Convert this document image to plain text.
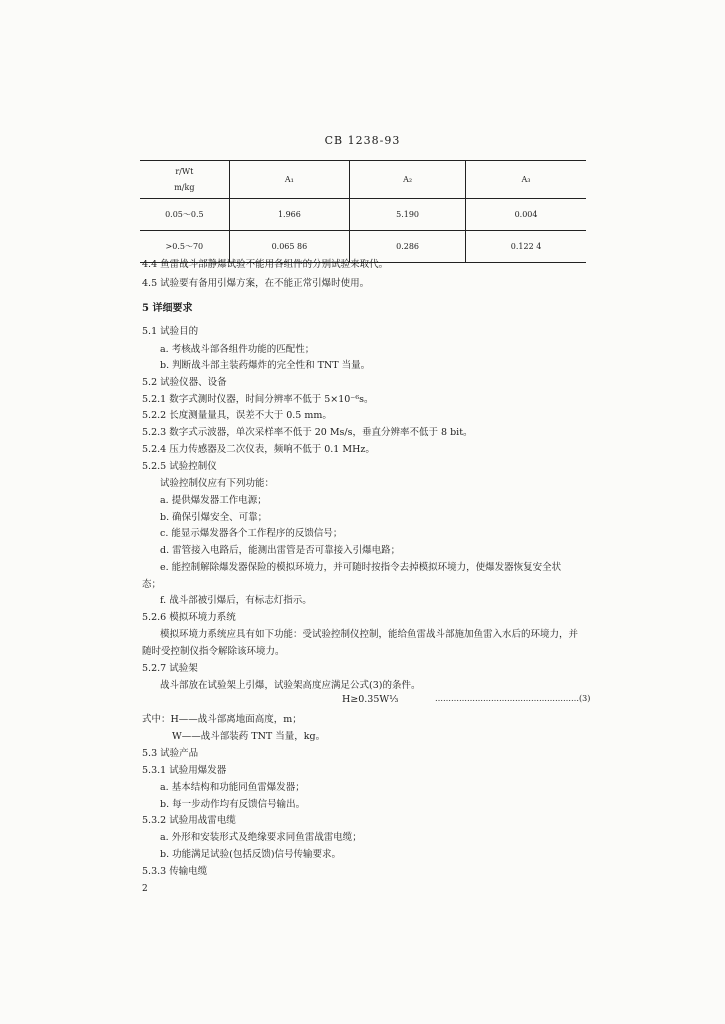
CB 1238-93
r/Wt
m/kg	A₁	A₂	A₃
0.05～0.5	1.966	5.190	0.004
>0.5～70	0.065 86	0.286	0.122 4
4.4 鱼雷战斗部静爆试验不能用各组件的分别试验来取代。
4.5 试验要有备用引爆方案，在不能正常引爆时使用。
5 详细要求
5.1 试验目的
a. 考核战斗部各组件功能的匹配性；
b. 判断战斗部主装药爆炸的完全性和 TNT 当量。
5.2 试验仪器、设备
5.2.1 数字式测时仪器，时间分辨率不低于 5×10⁻⁶s。
5.2.2 长度测量量具，误差不大于 0.5 mm。
5.2.3 数字式示波器，单次采样率不低于 20 Ms/s，垂直分辨率不低于 8 bit。
5.2.4 压力传感器及二次仪表，频响不低于 0.1 MHz。
5.2.5 试验控制仪
试验控制仪应有下列功能：
a. 提供爆发器工作电源；
b. 确保引爆安全、可靠；
c. 能显示爆发器各个工作程序的反馈信号；
d. 雷管接入电路后，能测出雷管是否可靠接入引爆电路；
e. 能控制解除爆发器保险的模拟环境力，并可随时按指令去掉模拟环境力，使爆发器恢复安全状
态；
f. 战斗部被引爆后，有标志灯指示。
5.2.6 模拟环境力系统
模拟环境力系统应具有如下功能：受试验控制仪控制，能给鱼雷战斗部施加鱼雷入水后的环境力，并
随时受控制仪指令解除该环境力。
5.2.7 试验架
战斗部放在试验架上引爆，试验架高度应满足公式(3)的条件。
H≥0.35W⅓	………………………………………………(3)
式中：H——战斗部离地面高度，m；
W——战斗部装药 TNT 当量，kg。
5.3 试验产品
5.3.1 试验用爆发器
a. 基本结构和功能同鱼雷爆发器；
b. 每一步动作均有反馈信号输出。
5.3.2 试验用战雷电缆
a. 外形和安装形式及绝缘要求同鱼雷战雷电缆；
b. 功能满足试验(包括反馈)信号传输要求。
5.3.3 传输电缆
2
